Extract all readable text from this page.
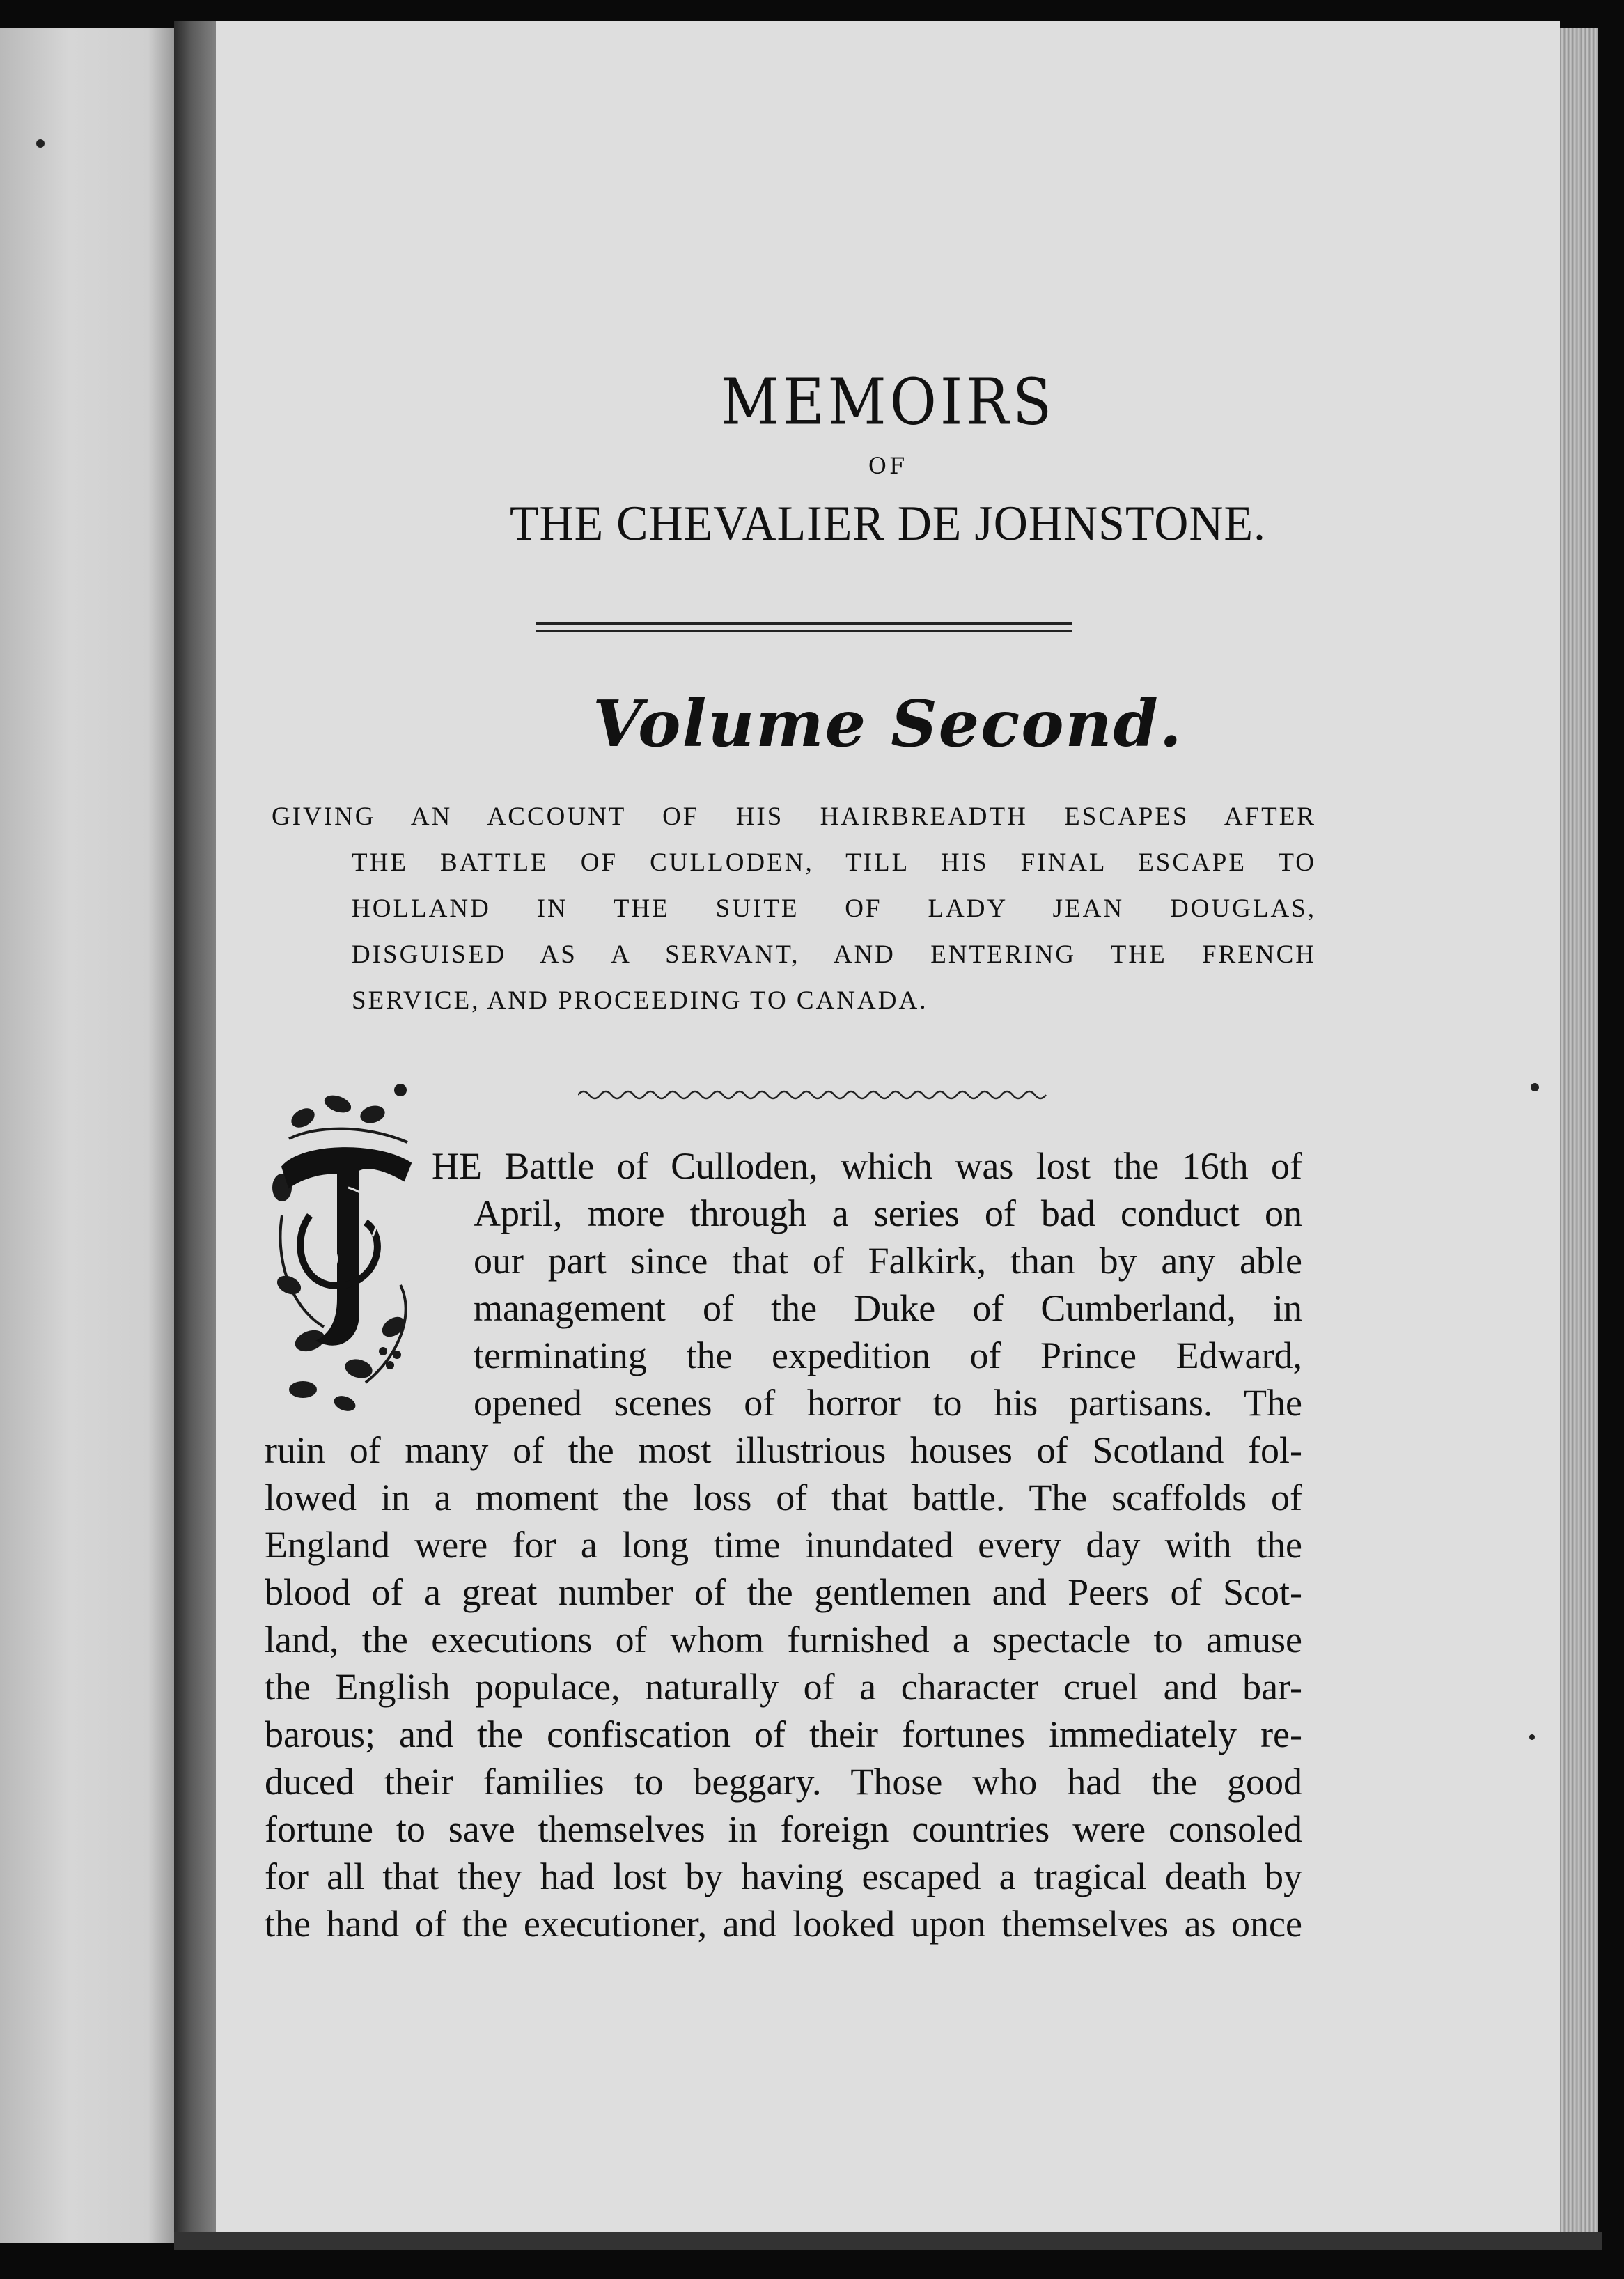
MEMOIRS
OF
THE CHEVALIER DE JOHNSTONE.
Volume Second.
GIVING AN ACCOUNT OF HIS HAIRBREADTH ESCAPES AFTER
THE BATTLE OF CULLODEN, TILL HIS FINAL ESCAPE TO
HOLLAND IN THE SUITE OF LADY JEAN DOUGLAS,
DISGUISED AS A SERVANT, AND ENTERING THE FRENCH
SERVICE, AND PROCEEDING TO CANADA.
HE Battle of Culloden, which was lost the 16th of
April, more through a series of bad conduct on
our part since that of Falkirk, than by any able
management of the Duke of Cumberland, in
terminating the expedition of Prince Edward,
opened scenes of horror to his partisans. The
ruin of many of the most illustrious houses of Scotland fol-
lowed in a moment the loss of that battle. The scaffolds of
England were for a long time inundated every day with the
blood of a great number of the gentlemen and Peers of Scot-
land, the executions of whom furnished a spectacle to amuse
the English populace, naturally of a character cruel and bar-
barous; and the confiscation of their fortunes immediately re-
duced their families to beggary. Those who had the good
fortune to save themselves in foreign countries were consoled
for all that they had lost by having escaped a tragical death by
the hand of the executioner, and looked upon themselves as once
